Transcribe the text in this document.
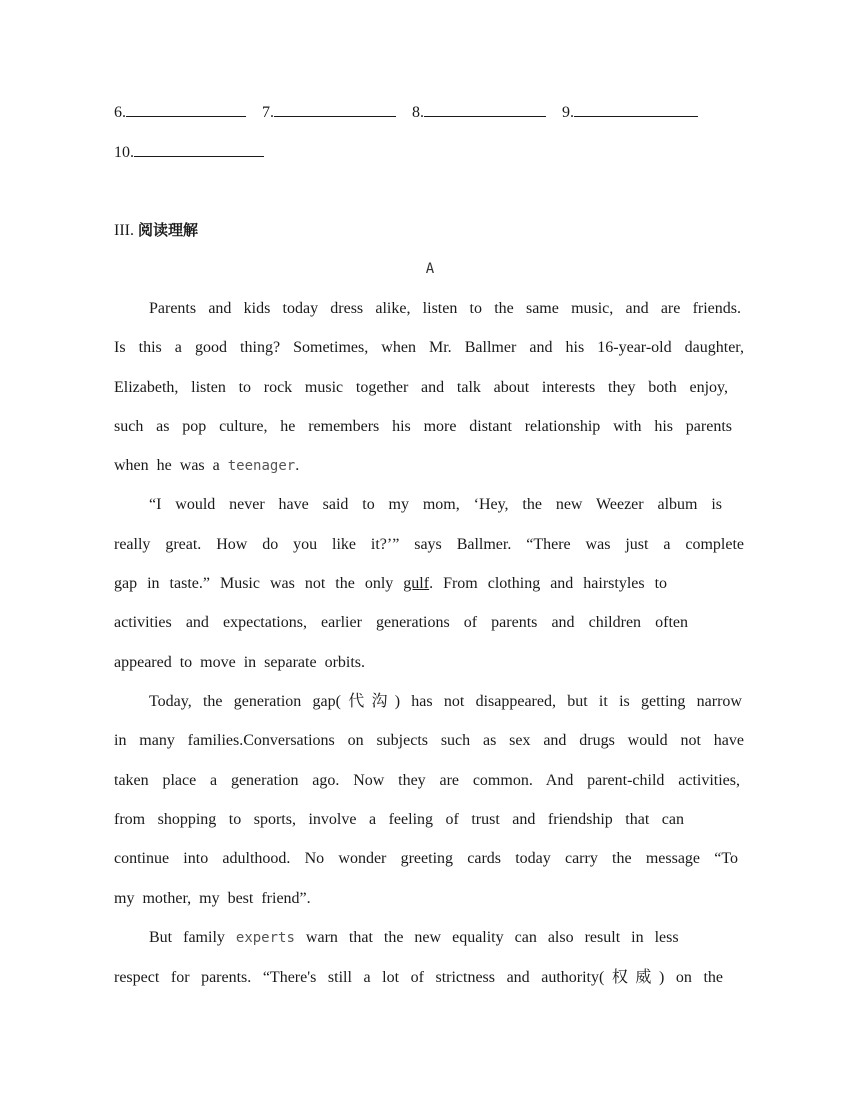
6.	7.	8.	9.
10.
III. 阅读理解
A
Parents and kids today dress alike, listen to the same music, and are friends.
Is this a good thing? Sometimes, when Mr. Ballmer and his 16-year-old daughter,
Elizabeth, listen to rock music together and talk about interests they both enjoy,
such as pop culture, he remembers his more distant relationship with his parents
when he was a teenager.
“I would never have said to my mom, ‘Hey, the new Weezer album is
really great. How do you like it?’” says Ballmer. “There was just a complete
gap in taste.” Music was not the only gulf. From clothing and hairstyles to
activities and expectations, earlier generations of parents and children often
appeared to move in separate orbits.
Today, the generation gap(代沟) has not disappeared, but it is getting narrow
in many families.Conversations on subjects such as sex and drugs would not have
taken place a generation ago. Now they are common. And parent-child activities,
from shopping to sports, involve a feeling of trust and friendship that can
continue into adulthood. No wonder greeting cards today carry the message “To
my mother, my best friend”.
But family experts warn that the new equality can also result in less
respect for parents. “There's still a lot of strictness and authority(权威) on the
